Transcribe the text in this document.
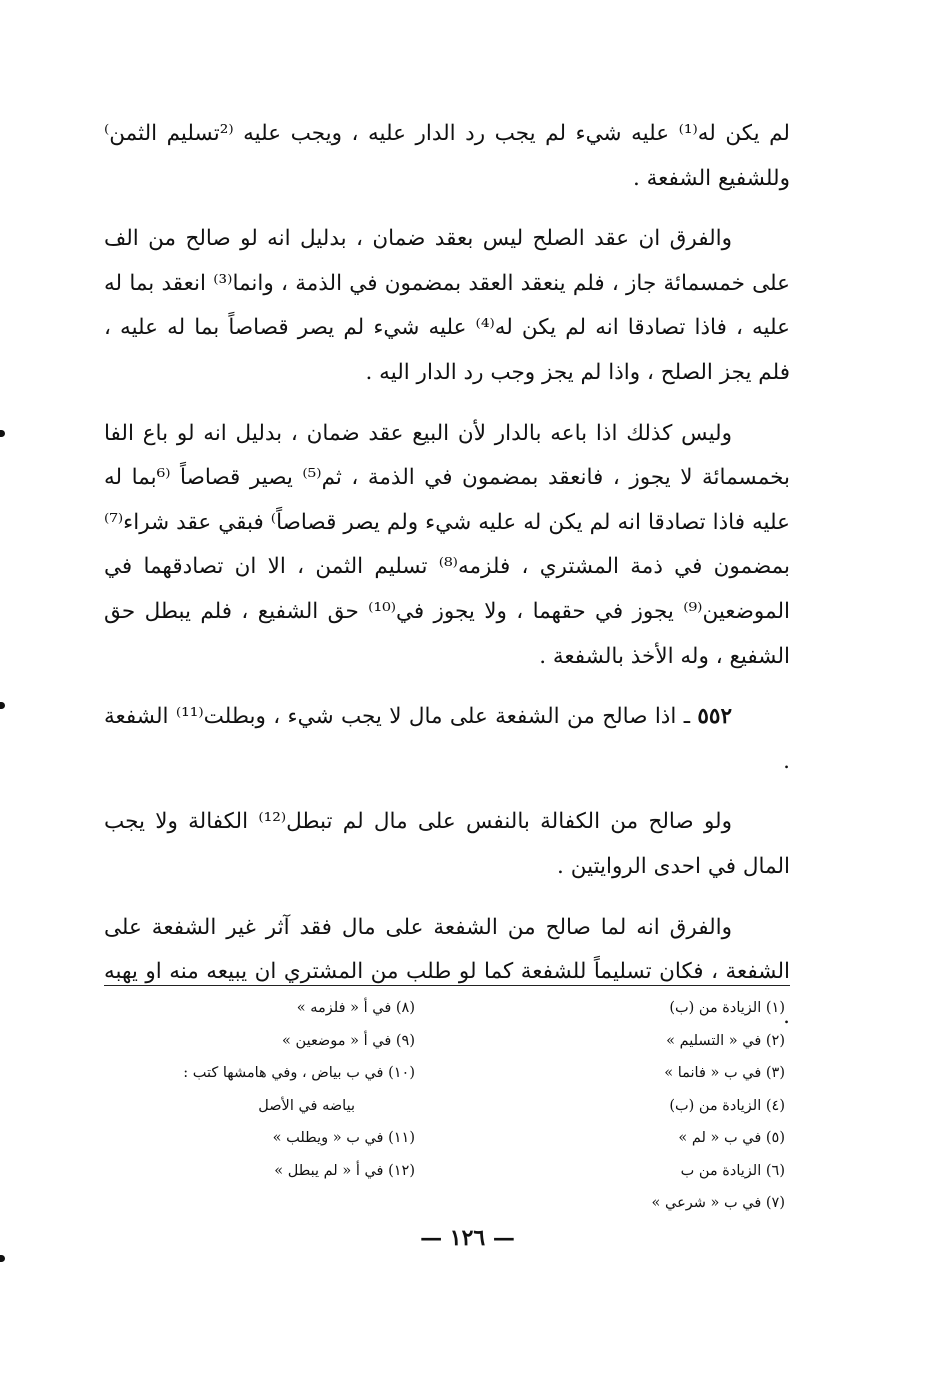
لم يكن له⁽¹⁾ عليه شيء لم يجب رد الدار عليه ، ويجب عليه ⁽²تسليم الثمن⁾ وللشفيع الشفعة .

والفرق ان عقد الصلح ليس بعقد ضمان ، بدليل انه لو صالح من الف على خمسمائة جاز ، فلم ينعقد العقد بمضمون في الذمة ، وانما⁽³⁾ انعقد بما له عليه ، فاذا تصادقا انه لم يكن له⁽⁴⁾ عليه شيء لم يصر قصاصاً بما له عليه ، فلم يجز الصلح ، واذا لم يجز وجب رد الدار اليه .

وليس كذلك اذا باعه بالدار لأن البيع عقد ضمان ، بدليل انه لو باع الفا بخمسمائة لا يجوز ، فانعقد بمضمون في الذمة ، ثم⁽⁵⁾ يصير قصاصاً ⁽⁶بما له عليه فاذا تصادقا انه لم يكن له عليه شيء ولم يصر قصاصاً⁾ فبقي عقد شراء⁽⁷⁾ بمضمون في ذمة المشتري ، فلزمه⁽⁸⁾ تسليم الثمن ، الا ان تصادقهما في الموضعين⁽⁹⁾ يجوز في حقهما ، ولا يجوز في⁽¹⁰⁾ حق الشفيع ، فلم يبطل حق الشفيع ، وله الأخذ بالشفعة .

٥٥٢ ـ اذا صالح من الشفعة على مال لا يجب شيء ، وبطلت⁽¹¹⁾ الشفعة .

ولو صالح من الكفالة بالنفس على مال لم تبطل⁽¹²⁾ الكفالة ولا يجب المال في احدى الروايتين .

والفرق انه لما صالح من الشفعة على مال فقد آثر غير الشفعة على الشفعة ، فكان تسليماً للشفعة كما لو طلب من المشتري ان يبيعه منه او يهبه .

(١) الزيادة من (ب)
(٢) في « التسليم »
(٣) في ب « فانما »
(٤) الزيادة من (ب)
(٥) في ب « لم »
(٦) الزيادة من ب
(٧) في ب « شرعي »
(٨) في أ « فلزمه »
(٩) في أ « موضعين »
(١٠) في ب بياض ، وفي هامشها كتب :
بياضه في الأصل
(١١) في ب « ويطلب »
(١٢) في أ « لم يبطل »
— ١٢٦ —
